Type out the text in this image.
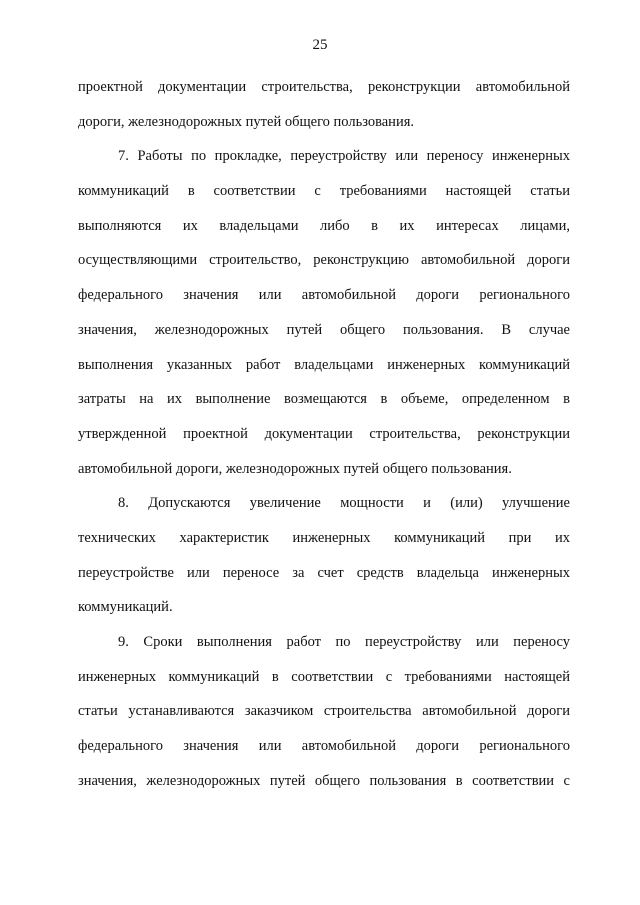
25

проектной документации строительства, реконструкции автомобильной
дороги, железнодорожных путей общего пользования.

7. Работы по прокладке, переустройству или переносу инженерных
коммуникаций в соответствии с требованиями настоящей статьи
выполняются их владельцами либо в их интересах лицами,
осуществляющими строительство, реконструкцию автомобильной дороги
федерального значения или автомобильной дороги регионального
значения, железнодорожных путей общего пользования. В случае
выполнения указанных работ владельцами инженерных коммуникаций
затраты на их выполнение возмещаются в объеме, определенном в
утвержденной проектной документации строительства, реконструкции
автомобильной дороги, железнодорожных путей общего пользования.

8. Допускаются увеличение мощности и (или) улучшение
технических характеристик инженерных коммуникаций при их
переустройстве или переносе за счет средств владельца инженерных
коммуникаций.

9. Сроки выполнения работ по переустройству или переносу
инженерных коммуникаций в соответствии с требованиями настоящей
статьи устанавливаются заказчиком строительства автомобильной дороги
федерального значения или автомобильной дороги регионального
значения, железнодорожных путей общего пользования в соответствии с
